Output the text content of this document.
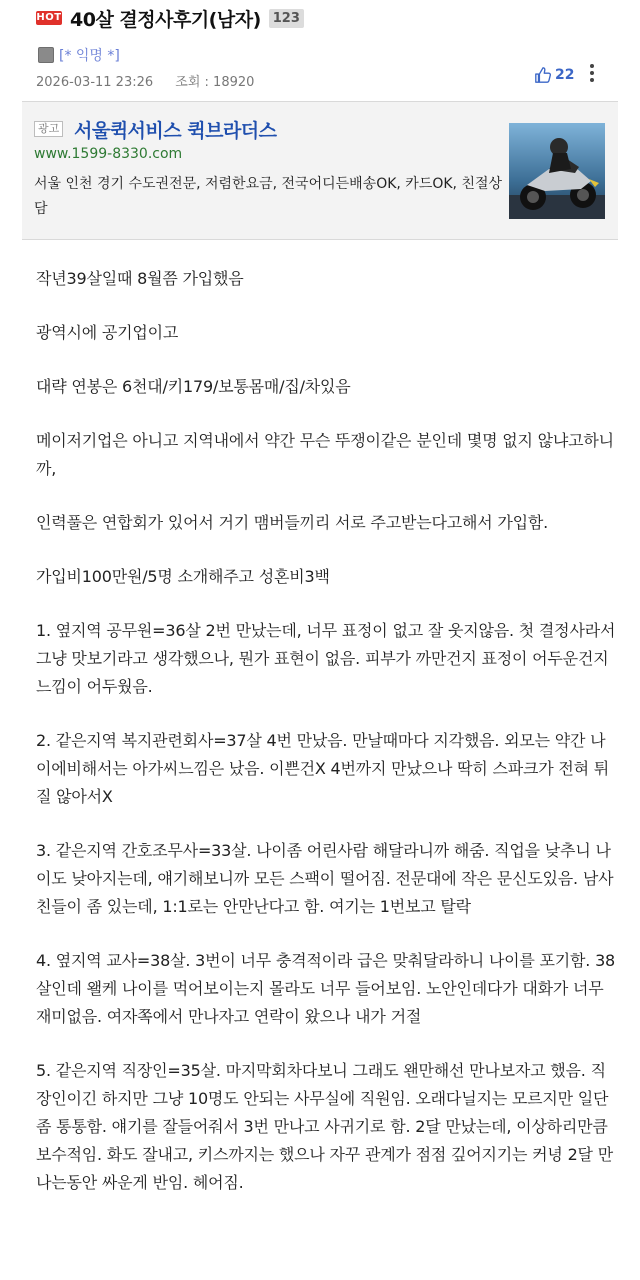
HOT 40살 결정사후기(남자) 123
[* 익명 *]
2026-03-11 23:26 조회 : 18920	22
광고 서울퀵서비스 퀵브라더스
www.1599-8330.com
서울 인천 경기 수도권전문, 저렴한요금, 전국어디든배송OK, 카드OK, 친절상담

작년39살일때 8월쯤 가입했음

광역시에 공기업이고

대략 연봉은 6천대/키179/보통몸매/집/차있음

메이저기업은 아니고 지역내에서 약간 무슨 뚜쟁이같은 분인데 몇명 없지 않냐고하니까,

인력풀은 연합회가 있어서 거기 맴버들끼리 서로 주고받는다고해서 가입함.

가입비100만원/5명 소개해주고 성혼비3백

1. 옆지역 공무원=36살 2번 만났는데, 너무 표정이 없고 잘 웃지않음. 첫 결정사라서 그냥 맛보기라고 생각했으나, 뭔가 표현이 없음. 피부가 까만건지 표정이 어두운건지 느낌이 어두웠음.

2. 같은지역 복지관련회사=37살 4번 만났음. 만날때마다 지각했음. 외모는 약간 나이에비해서는 아가씨느낌은 났음. 이쁜건X 4번까지 만났으나 딱히 스파크가 전혀 튀질 않아서X

3. 같은지역 간호조무사=33살. 나이좀 어린사람 해달라니까 해줌. 직업을 낮추니 나이도 낮아지는데, 얘기해보니까 모든 스팩이 떨어짐. 전문대에 작은 문신도있음. 남사친들이 좀 있는데, 1:1로는 안만난다고 함. 여기는 1번보고 탈락

4. 옆지역 교사=38살. 3번이 너무 충격적이라 급은 맞춰달라하니 나이를 포기함. 38살인데 왤케 나이를 먹어보이는지 몰라도 너무 들어보임. 노안인데다가 대화가 너무 재미없음. 여자쪽에서 만나자고 연락이 왔으나 내가 거절

5. 같은지역 직장인=35살. 마지막회차다보니 그래도 왠만해선 만나보자고 했음. 직장인이긴 하지만 그냥 10명도 안되는 사무실에 직원임. 오래다닐지는 모르지만 일단 좀 통통함. 얘기를 잘들어줘서 3번 만나고 사귀기로 함. 2달 만났는데, 이상하리만큼 보수적임. 화도 잘내고, 키스까지는 했으나 자꾸 관계가 점점 깊어지기는 커녕 2달 만나는동안 싸운게 반임. 헤어짐.
